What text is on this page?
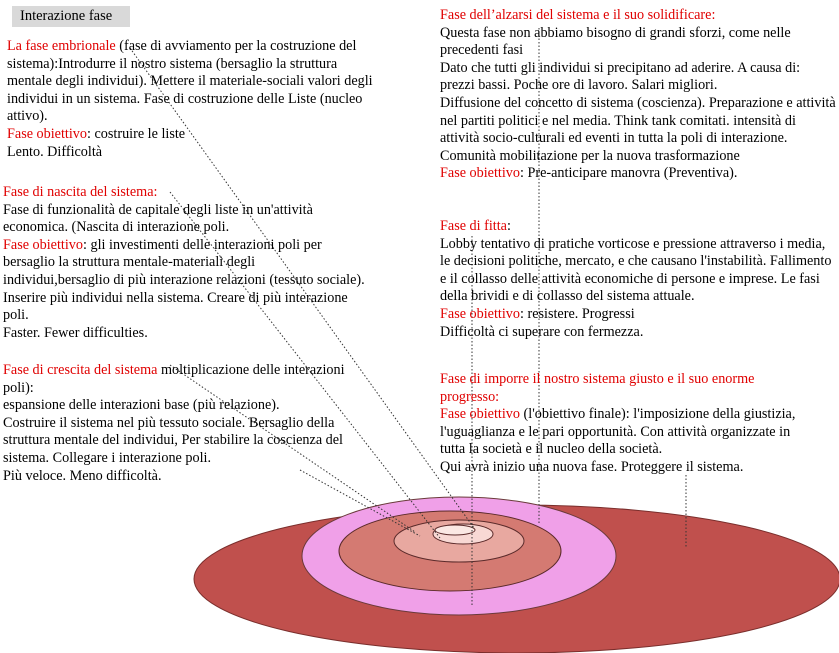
Interazione fase

La fase embrionale (fase di avviamento per la costruzione del sistema):Introdurre il nostro sistema (bersaglio la struttura mentale degli individui). Mettere il materiale-sociali valori degli individui in un sistema. Fase di costruzione delle Liste (nucleo attivo).

Fase obiettivo: costruire le liste

Lento. Difficoltà

Fase di nascita del sistema:

Fase di funzionalità de capitale degli liste in un'attività economica. (Nascita di interazione poli.

Fase obiettivo: gli investimenti delle interazioni poli per bersaglio la struttura mentale-materiali degli individui,bersaglio di più interazione relazioni (tessuto sociale). Inserire più individui nella sistema. Creare di più interazione poli.

Faster. Fewer difficulties.

Fase di crescita del sistema moltiplicazione delle interazioni poli):

espansione delle interazioni base (più relazione).

Costruire il sistema nel più tessuto sociale. Bersaglio della struttura mentale del individui, Per stabilire la coscienza del sistema. Collegare i interazione poli.

Più veloce. Meno difficoltà.

Fase dell’alzarsi del sistema e il suo solidificare:

Questa fase non abbiamo bisogno di grandi sforzi, come nelle precedenti fasi

Dato che tutti gli individui si precipitano ad aderire. A causa di: prezzi bassi. Poche ore di lavoro. Salari migliori.

Diffusione del concetto di sistema (coscienza). Preparazione e attività nel partiti politici e nel media. Think tank comitati. intensità di attività socio-culturali ed eventi in tutta la poli di interazione. Comunità mobilitazione per la nuova trasformazione

Fase obiettivo: Pre-anticipare manovra (Preventiva).

Fase di fitta:

Lobby tentativo di pratiche vorticose e pressione attraverso i media, le decisioni politiche, mercato, e che causano l'instabilità. Fallimento e il collasso delle attività economiche di persone e imprese. Le fasi della brividi e di collasso del sistema attuale.

Fase obiettivo: resistere. Progressi

Difficoltà ci superare con fermezza.

Fase di imporre il nostro sistema giusto e il suo enorme progresso:

Fase obiettivo (l'obiettivo finale): l'imposizione della giustizia, l'uguaglianza e le pari opportunità. Con attività organizzate in tutta la società e il nucleo della società.

Qui avrà inizio una nuova fase. Proteggere il sistema.
